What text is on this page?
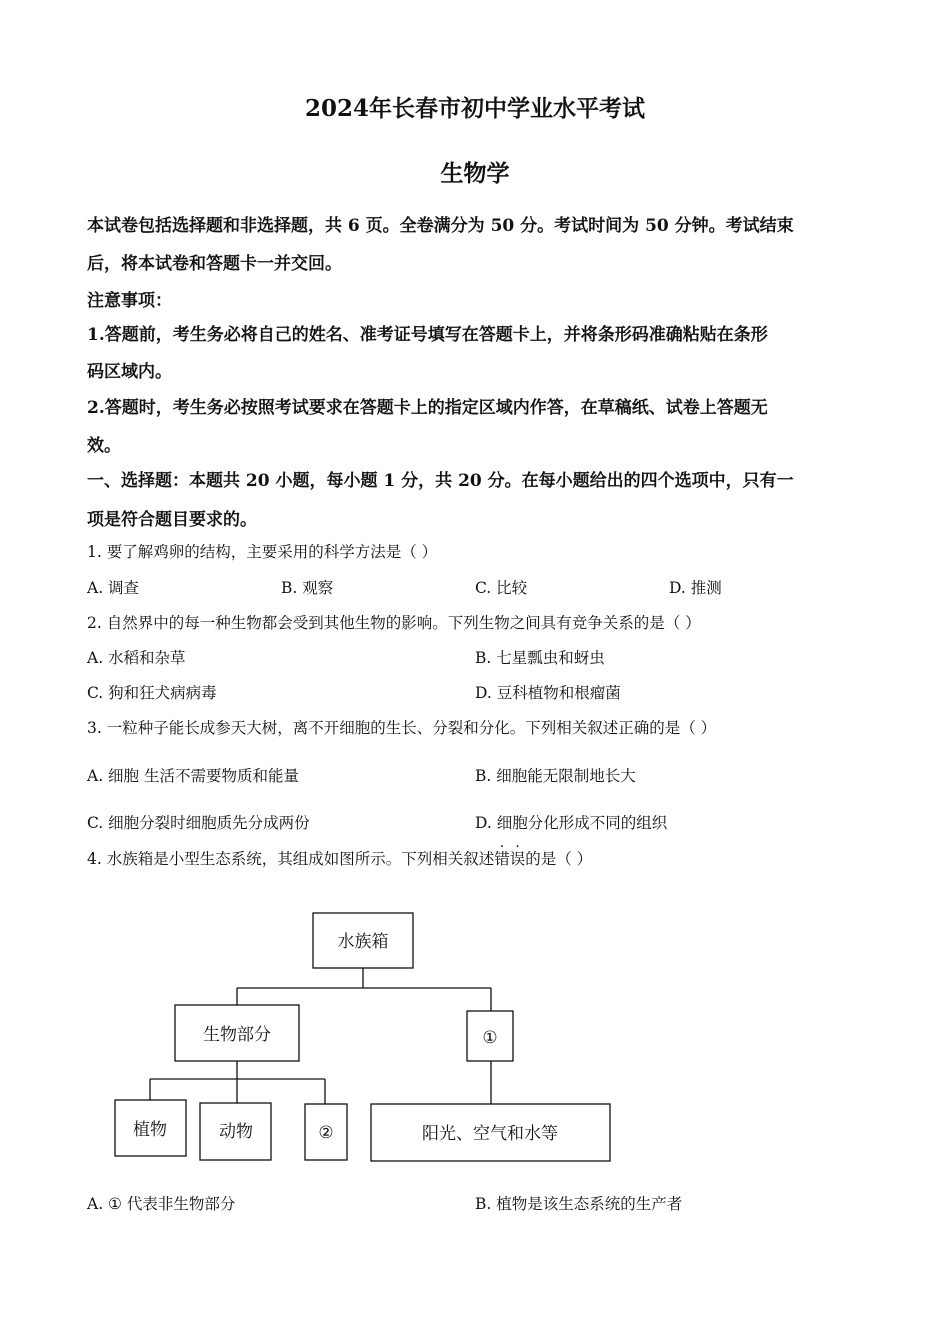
2024年长春市初中学业水平考试
生物学
本试卷包括选择题和非选择题，共 6 页。全卷满分为 50 分。考试时间为 50 分钟。考试结束
后，将本试卷和答题卡一并交回。
注意事项：
1.答题前，考生务必将自己的姓名、准考证号填写在答题卡上，并将条形码准确粘贴在条形
码区域内。
2.答题时，考生务必按照考试要求在答题卡上的指定区域内作答，在草稿纸、试卷上答题无
效。
一、选择题：本题共 20 小题，每小题 1 分，共 20 分。在每小题给出的四个选项中，只有一
项是符合题目要求的。
1. 要了解鸡卵的结构，主要采用的科学方法是（ ）
A. 调查	B. 观察	C. 比较	D. 推测
2. 自然界中的每一种生物都会受到其他生物的影响。下列生物之间具有竞争关系的是（ ）
A. 水稻和杂草	B. 七星瓢虫和蚜虫
C. 狗和狂犬病病毒	D. 豆科植物和根瘤菌
3. 一粒种子能长成参天大树，离不开细胞的生长、分裂和分化。下列相关叙述正确的是（ ）
A. 细胞 生活不需要物质和能量	B. 细胞能无限制地长大
C. 细胞分裂时细胞质先分成两份	D. 细胞分化形成不同的组织
4. 水族箱是小型生态系统，其组成如图所示。下列相关叙述错误的是（ ）
水族箱
生物部分	①
植物	动物	②	阳光、空气和水等
A. ① 代表非生物部分	B. 植物是该生态系统的生产者
